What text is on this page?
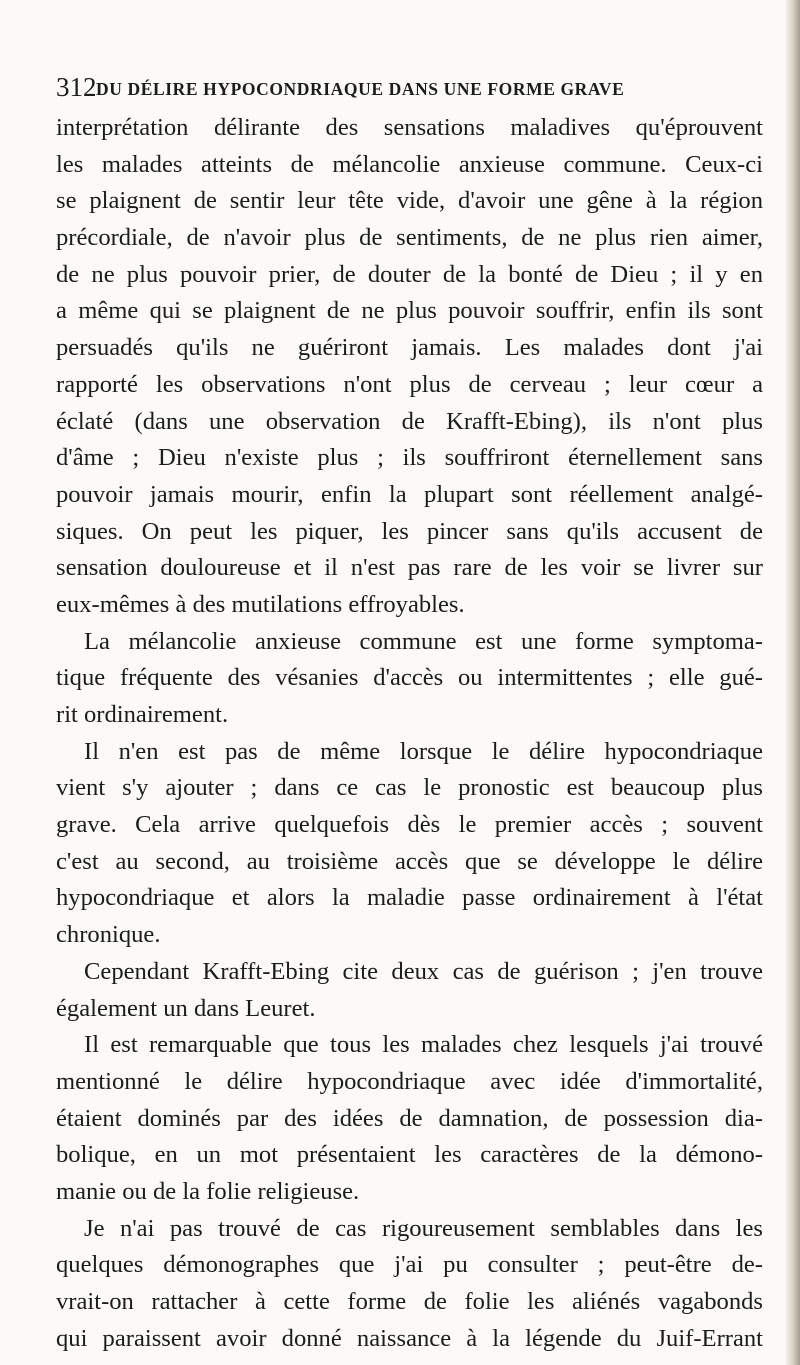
312 DU DÉLIRE HYPOCONDRIAQUE DANS UNE FORME GRAVE
interprétation délirante des sensations maladives qu'éprouvent
les malades atteints de mélancolie anxieuse commune. Ceux-ci
se plaignent de sentir leur tête vide, d'avoir une gêne à la région
précordiale, de n'avoir plus de sentiments, de ne plus rien aimer,
de ne plus pouvoir prier, de douter de la bonté de Dieu ; il y en
a même qui se plaignent de ne plus pouvoir souffrir, enfin ils sont
persuadés qu'ils ne guériront jamais. Les malades dont j'ai
rapporté les observations n'ont plus de cerveau ; leur cœur a
éclaté (dans une observation de Krafft-Ebing), ils n'ont plus
d'âme ; Dieu n'existe plus ; ils souffriront éternellement sans
pouvoir jamais mourir, enfin la plupart sont réellement analgé-
siques. On peut les piquer, les pincer sans qu'ils accusent de
sensation douloureuse et il n'est pas rare de les voir se livrer sur
eux-mêmes à des mutilations effroyables.
La mélancolie anxieuse commune est une forme symptoma-
tique fréquente des vésanies d'accès ou intermittentes ; elle gué-
rit ordinairement.
Il n'en est pas de même lorsque le délire hypocondriaque
vient s'y ajouter ; dans ce cas le pronostic est beaucoup plus
grave. Cela arrive quelquefois dès le premier accès ; souvent
c'est au second, au troisième accès que se développe le délire
hypocondriaque et alors la maladie passe ordinairement à l'état
chronique.
Cependant Krafft-Ebing cite deux cas de guérison ; j'en trouve
également un dans Leuret.
Il est remarquable que tous les malades chez lesquels j'ai trouvé
mentionné le délire hypocondriaque avec idée d'immortalité,
étaient dominés par des idées de damnation, de possession dia-
bolique, en un mot présentaient les caractères de la démono-
manie ou de la folie religieuse.
Je n'ai pas trouvé de cas rigoureusement semblables dans les
quelques démonographes que j'ai pu consulter ; peut-être de-
vrait-on rattacher à cette forme de folie les aliénés vagabonds
qui paraissent avoir donné naissance à la légende du Juif-Errant
